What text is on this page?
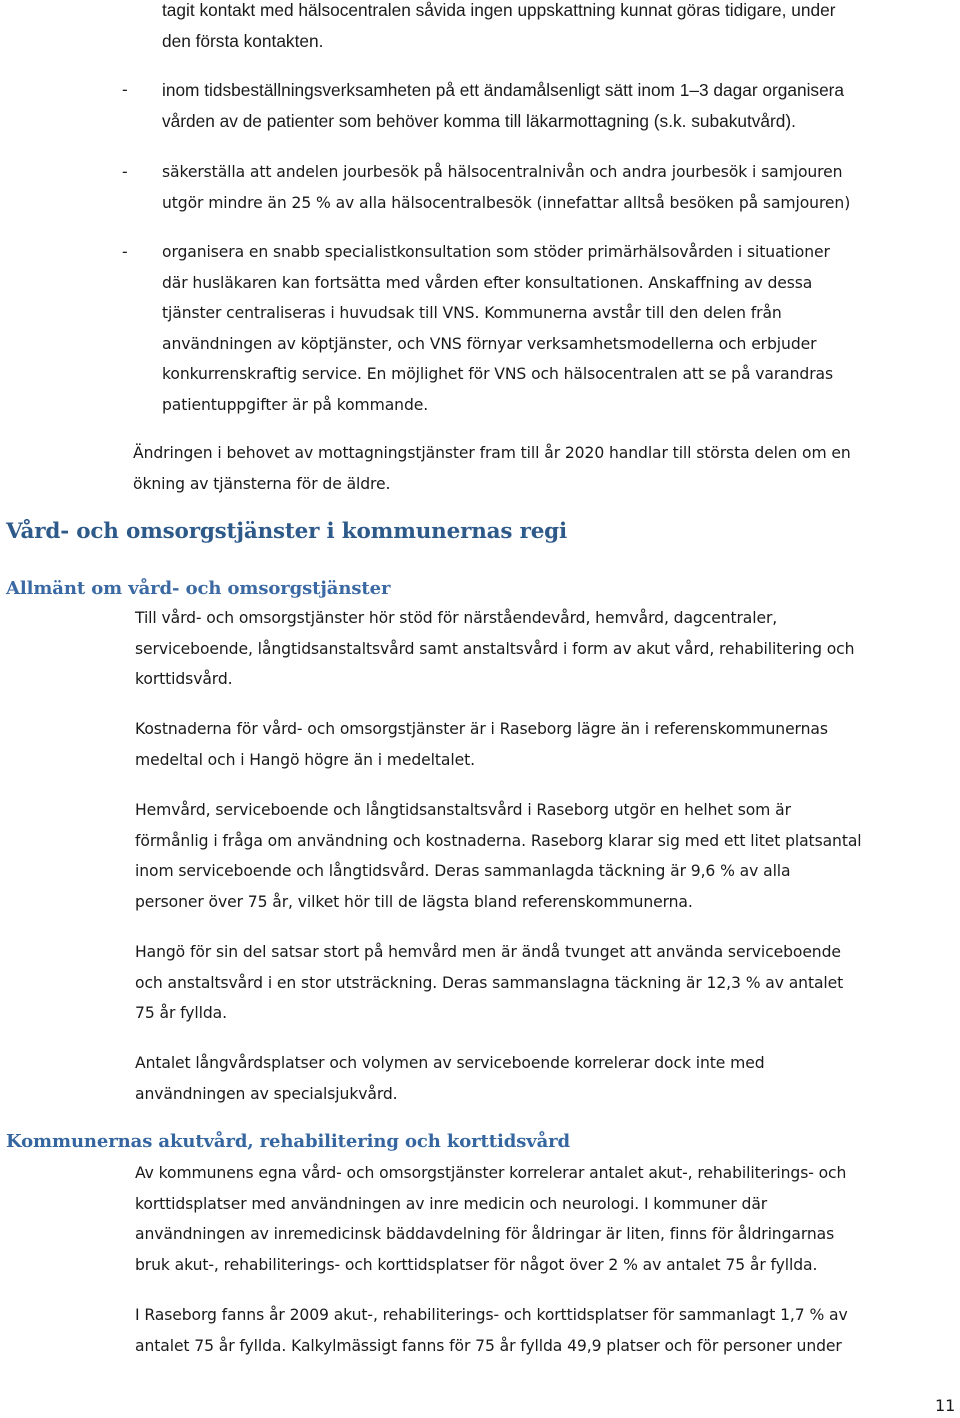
tagit kontakt med hälsocentralen såvida ingen uppskattning kunnat göras tidigare, under
den första kontakten.
- inom tidsbeställningsverksamheten på ett ändamålsenligt sätt inom 1–3 dagar organisera
vården av de patienter som behöver komma till läkarmottagning (s.k. subakutvård).
- säkerställa att andelen jourbesök på hälsocentralnivån och andra jourbesök i samjouren
utgör mindre än 25 % av alla hälsocentralbesök (innefattar alltså besöken på samjouren)
- organisera en snabb specialistkonsultation som stöder primärhälsovården i situationer
där husläkaren kan fortsätta med vården efter konsultationen. Anskaffning av dessa
tjänster centraliseras i huvudsak till VNS. Kommunerna avstår till den delen från
användningen av köptjänster, och VNS förnyar verksamhetsmodellerna och erbjuder
konkurrenskraftig service. En möjlighet för VNS och hälsocentralen att se på varandras
patientuppgifter är på kommande.
Ändringen i behovet av mottagningstjänster fram till år 2020 handlar till största delen om en
ökning av tjänsterna för de äldre.
Vård- och omsorgstjänster i kommunernas regi
Allmänt om vård- och omsorgstjänster
Till vård- och omsorgstjänster hör stöd för närståendevård, hemvård, dagcentraler,
serviceboende, långtidsanstaltsvård samt anstaltsvård i form av akut vård, rehabilitering och
korttidsvård.
Kostnaderna för vård- och omsorgstjänster är i Raseborg lägre än i referenskommunernas
medeltal och i Hangö högre än i medeltalet.
Hemvård, serviceboende och långtidsanstaltsvård i Raseborg utgör en helhet som är
förmånlig i fråga om användning och kostnaderna. Raseborg klarar sig med ett litet platsantal
inom serviceboende och långtidsvård. Deras sammanlagda täckning är 9,6 % av alla
personer över 75 år, vilket hör till de lägsta bland referenskommunerna.
Hangö för sin del satsar stort på hemvård men är ändå tvunget att använda serviceboende
och anstaltsvård i en stor utsträckning. Deras sammanslagna täckning är 12,3 % av antalet
75 år fyllda.
Antalet långvårdsplatser och volymen av serviceboende korrelerar dock inte med
användningen av specialsjukvård.
Kommunernas akutvård, rehabilitering och korttidsvård
Av kommunens egna vård- och omsorgstjänster korrelerar antalet akut-, rehabiliterings- och
korttidsplatser med användningen av inre medicin och neurologi. I kommuner där
användningen av inremedicinsk bäddavdelning för åldringar är liten, finns för åldringarnas
bruk akut-, rehabiliterings- och korttidsplatser för något över 2 % av antalet 75 år fyllda.
I Raseborg fanns år 2009 akut-, rehabiliterings- och korttidsplatser för sammanlagt 1,7 % av
antalet 75 år fyllda. Kalkylmässigt fanns för 75 år fyllda 49,9 platser och för personer under
11
